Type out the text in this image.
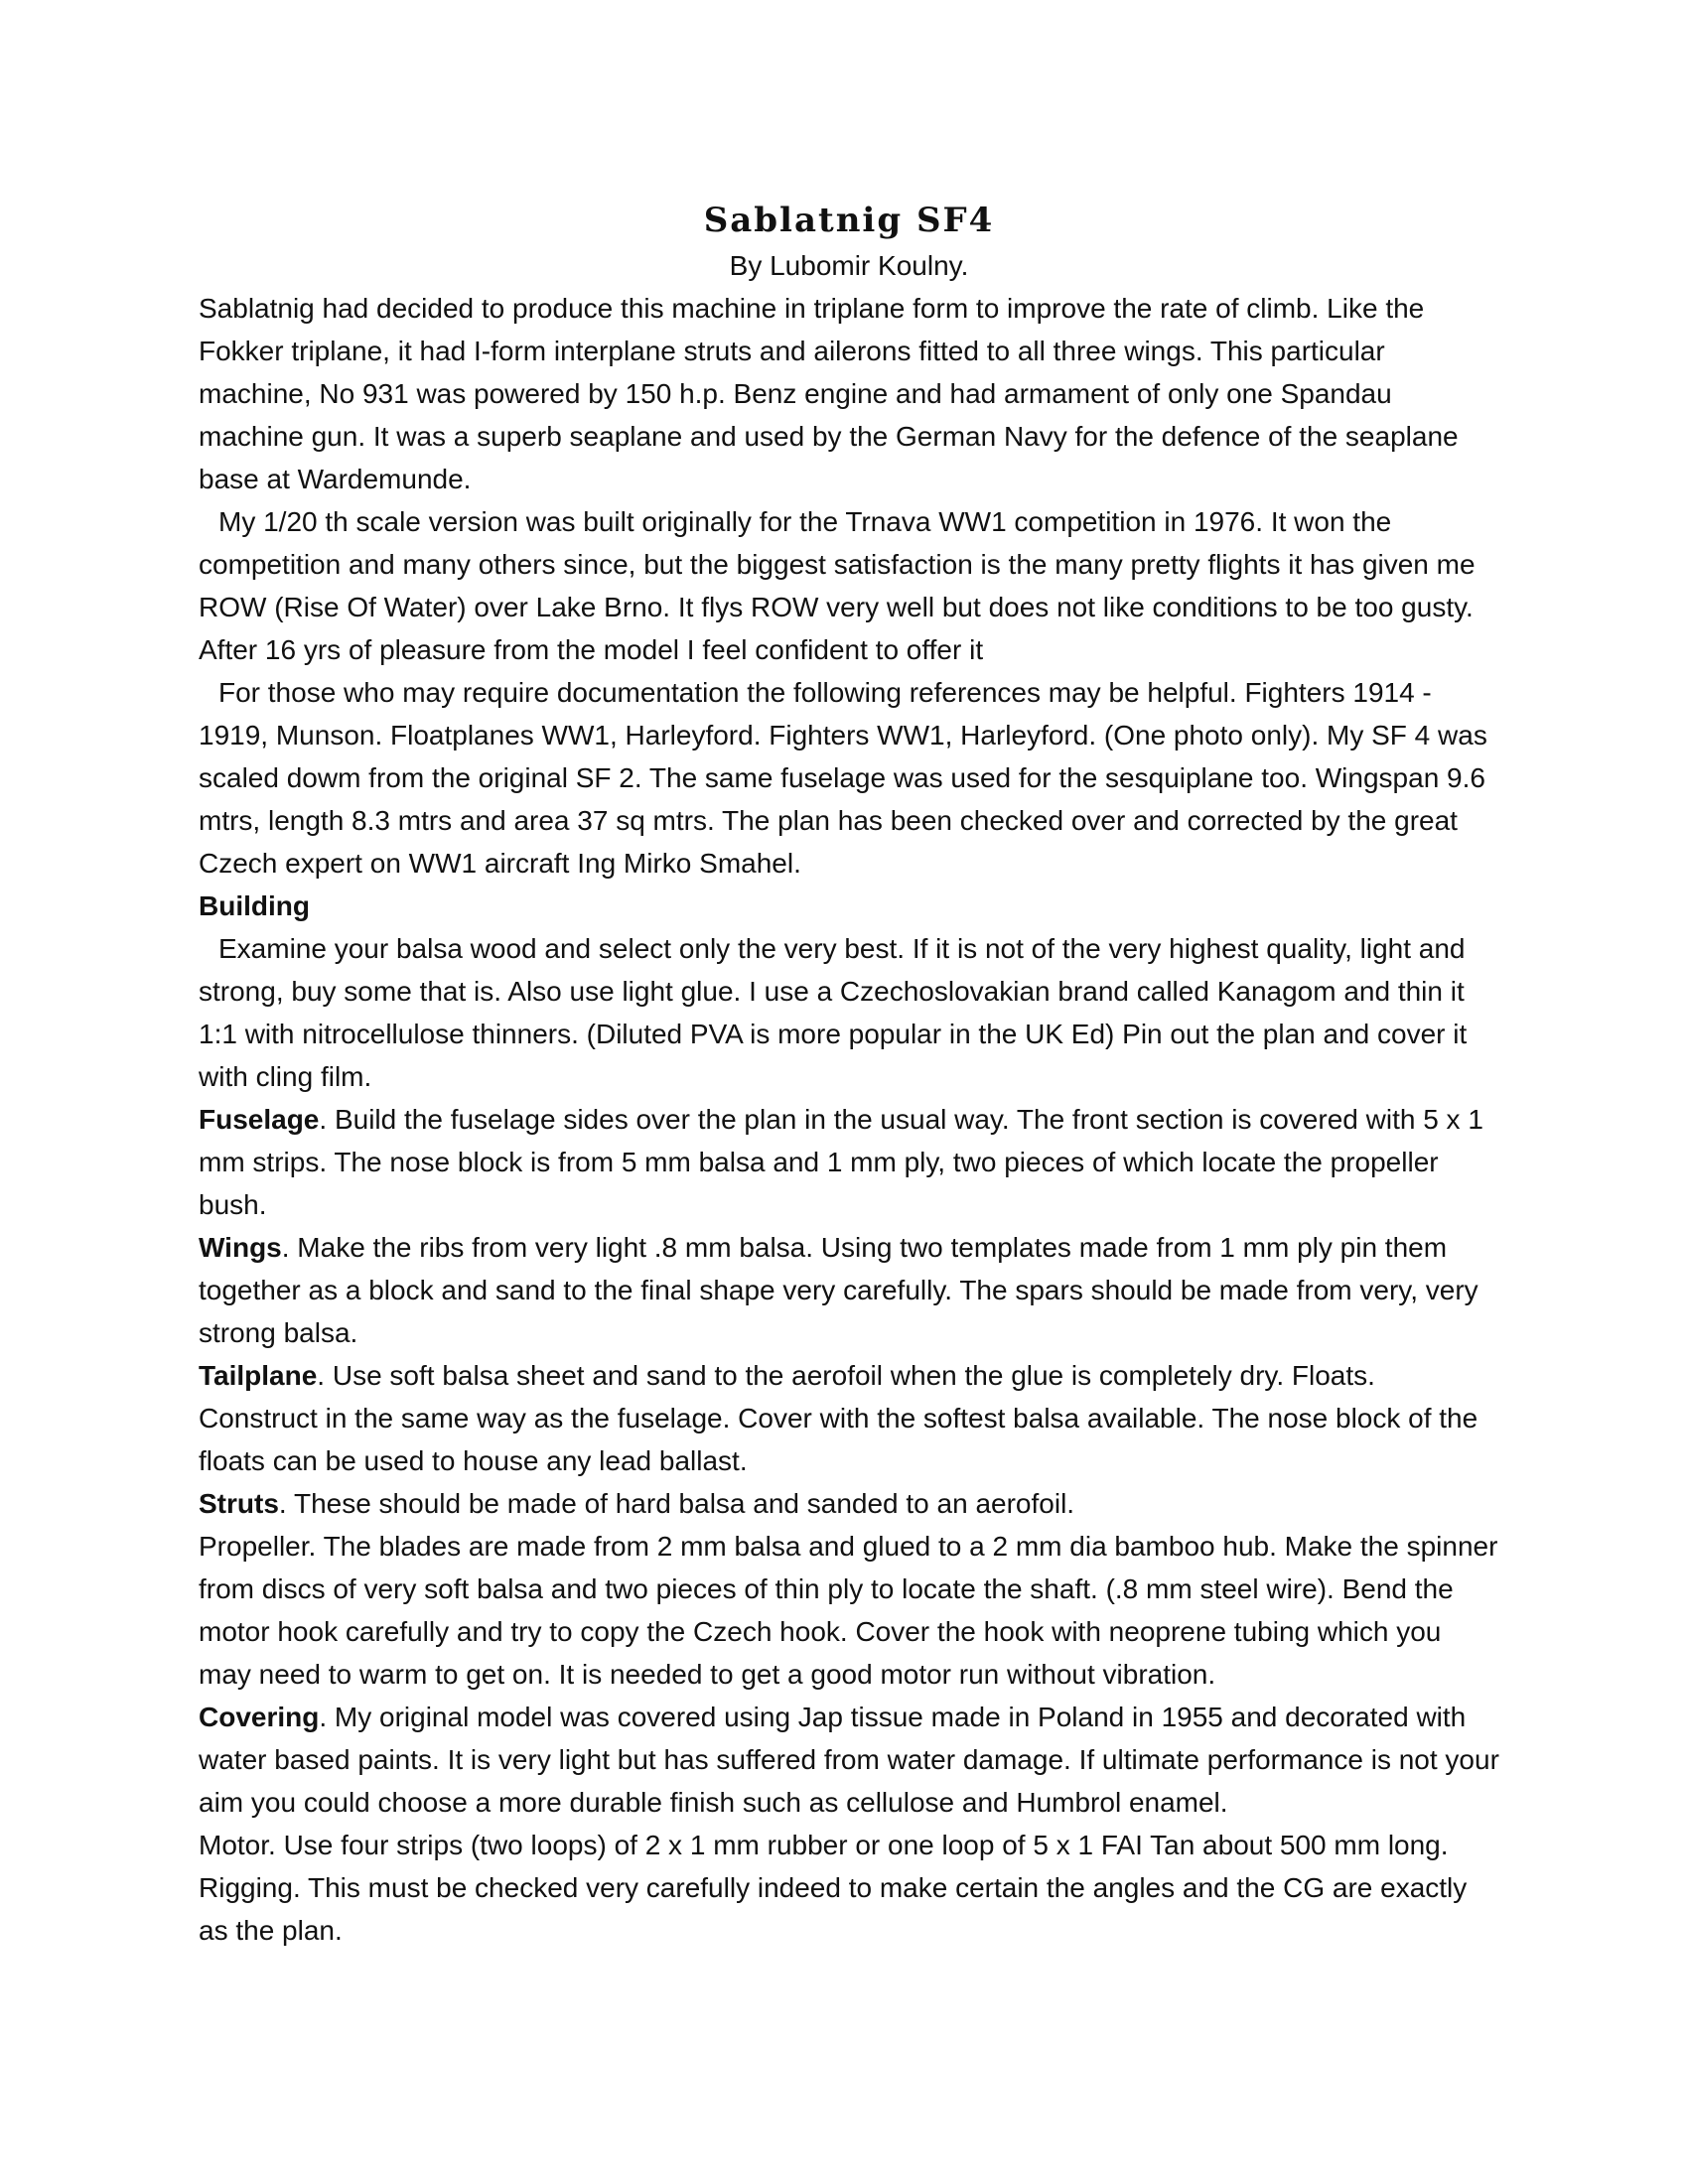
Sablatnig SF4

By Lubomir Koulny.

Sablatnig had decided to produce this machine in triplane form to improve the rate of climb. Like the Fokker triplane, it had I-form interplane struts and ailerons fitted to all three wings. This particular machine, No 931 was powered by 150 h.p. Benz engine and had armament of only one Spandau machine gun. It was a superb seaplane and used by the German Navy for the defence of the seaplane base at Wardemunde.

My 1/20 th scale version was built originally for the Trnava WW1 competition in 1976. It won the competition and many others since, but the biggest satisfaction is the many pretty flights it has given me ROW (Rise Of Water) over Lake Brno. It flys ROW very well but does not like conditions to be too gusty. After 16 yrs of pleasure from the model I feel confident to offer it

For those who may require documentation the following references may be helpful. Fighters 1914 - 1919, Munson. Floatplanes WW1, Harleyford. Fighters WW1, Harleyford. (One photo only). My SF 4 was scaled dowm from the original SF 2. The same fuselage was used for the sesquiplane too. Wingspan 9.6 mtrs, length 8.3 mtrs and area 37 sq mtrs. The plan has been checked over and corrected by the great Czech expert on WW1 aircraft Ing Mirko Smahel.

Building

Examine your balsa wood and select only the very best. If it is not of the very highest quality, light and strong, buy some that is. Also use light glue. I use a Czechoslovakian brand called Kanagom and thin it 1:1 with nitrocellulose thinners. (Diluted PVA is more popular in the UK Ed) Pin out the plan and cover it with cling film.

Fuselage. Build the fuselage sides over the plan in the usual way. The front section is covered with 5 x 1 mm strips. The nose block is from 5 mm balsa and 1 mm ply, two pieces of which locate the propeller bush.

Wings. Make the ribs from very light .8 mm balsa. Using two templates made from 1 mm ply pin them together as a block and sand to the final shape very carefully. The spars should be made from very, very strong balsa.

Tailplane. Use soft balsa sheet and sand to the aerofoil when the glue is completely dry. Floats. Construct in the same way as the fuselage. Cover with the softest balsa available. The nose block of the floats can be used to house any lead ballast.

Struts. These should be made of hard balsa and sanded to an aerofoil.

Propeller. The blades are made from 2 mm balsa and glued to a 2 mm dia bamboo hub. Make the spinner from discs of very soft balsa and two pieces of thin ply to locate the shaft. (.8 mm steel wire). Bend the motor hook carefully and try to copy the Czech hook. Cover the hook with neoprene tubing which you may need to warm to get on. It is needed to get a good motor run without vibration.

Covering. My original model was covered using Jap tissue made in Poland in 1955 and decorated with water based paints. It is very light but has suffered from water damage. If ultimate performance is not your aim you could choose a more durable finish such as cellulose and Humbrol enamel.

Motor. Use four strips (two loops) of 2 x 1 mm rubber or one loop of 5 x 1 FAI Tan about 500 mm long.

Rigging. This must be checked very carefully indeed to make certain the angles and the CG are exactly as the plan.
